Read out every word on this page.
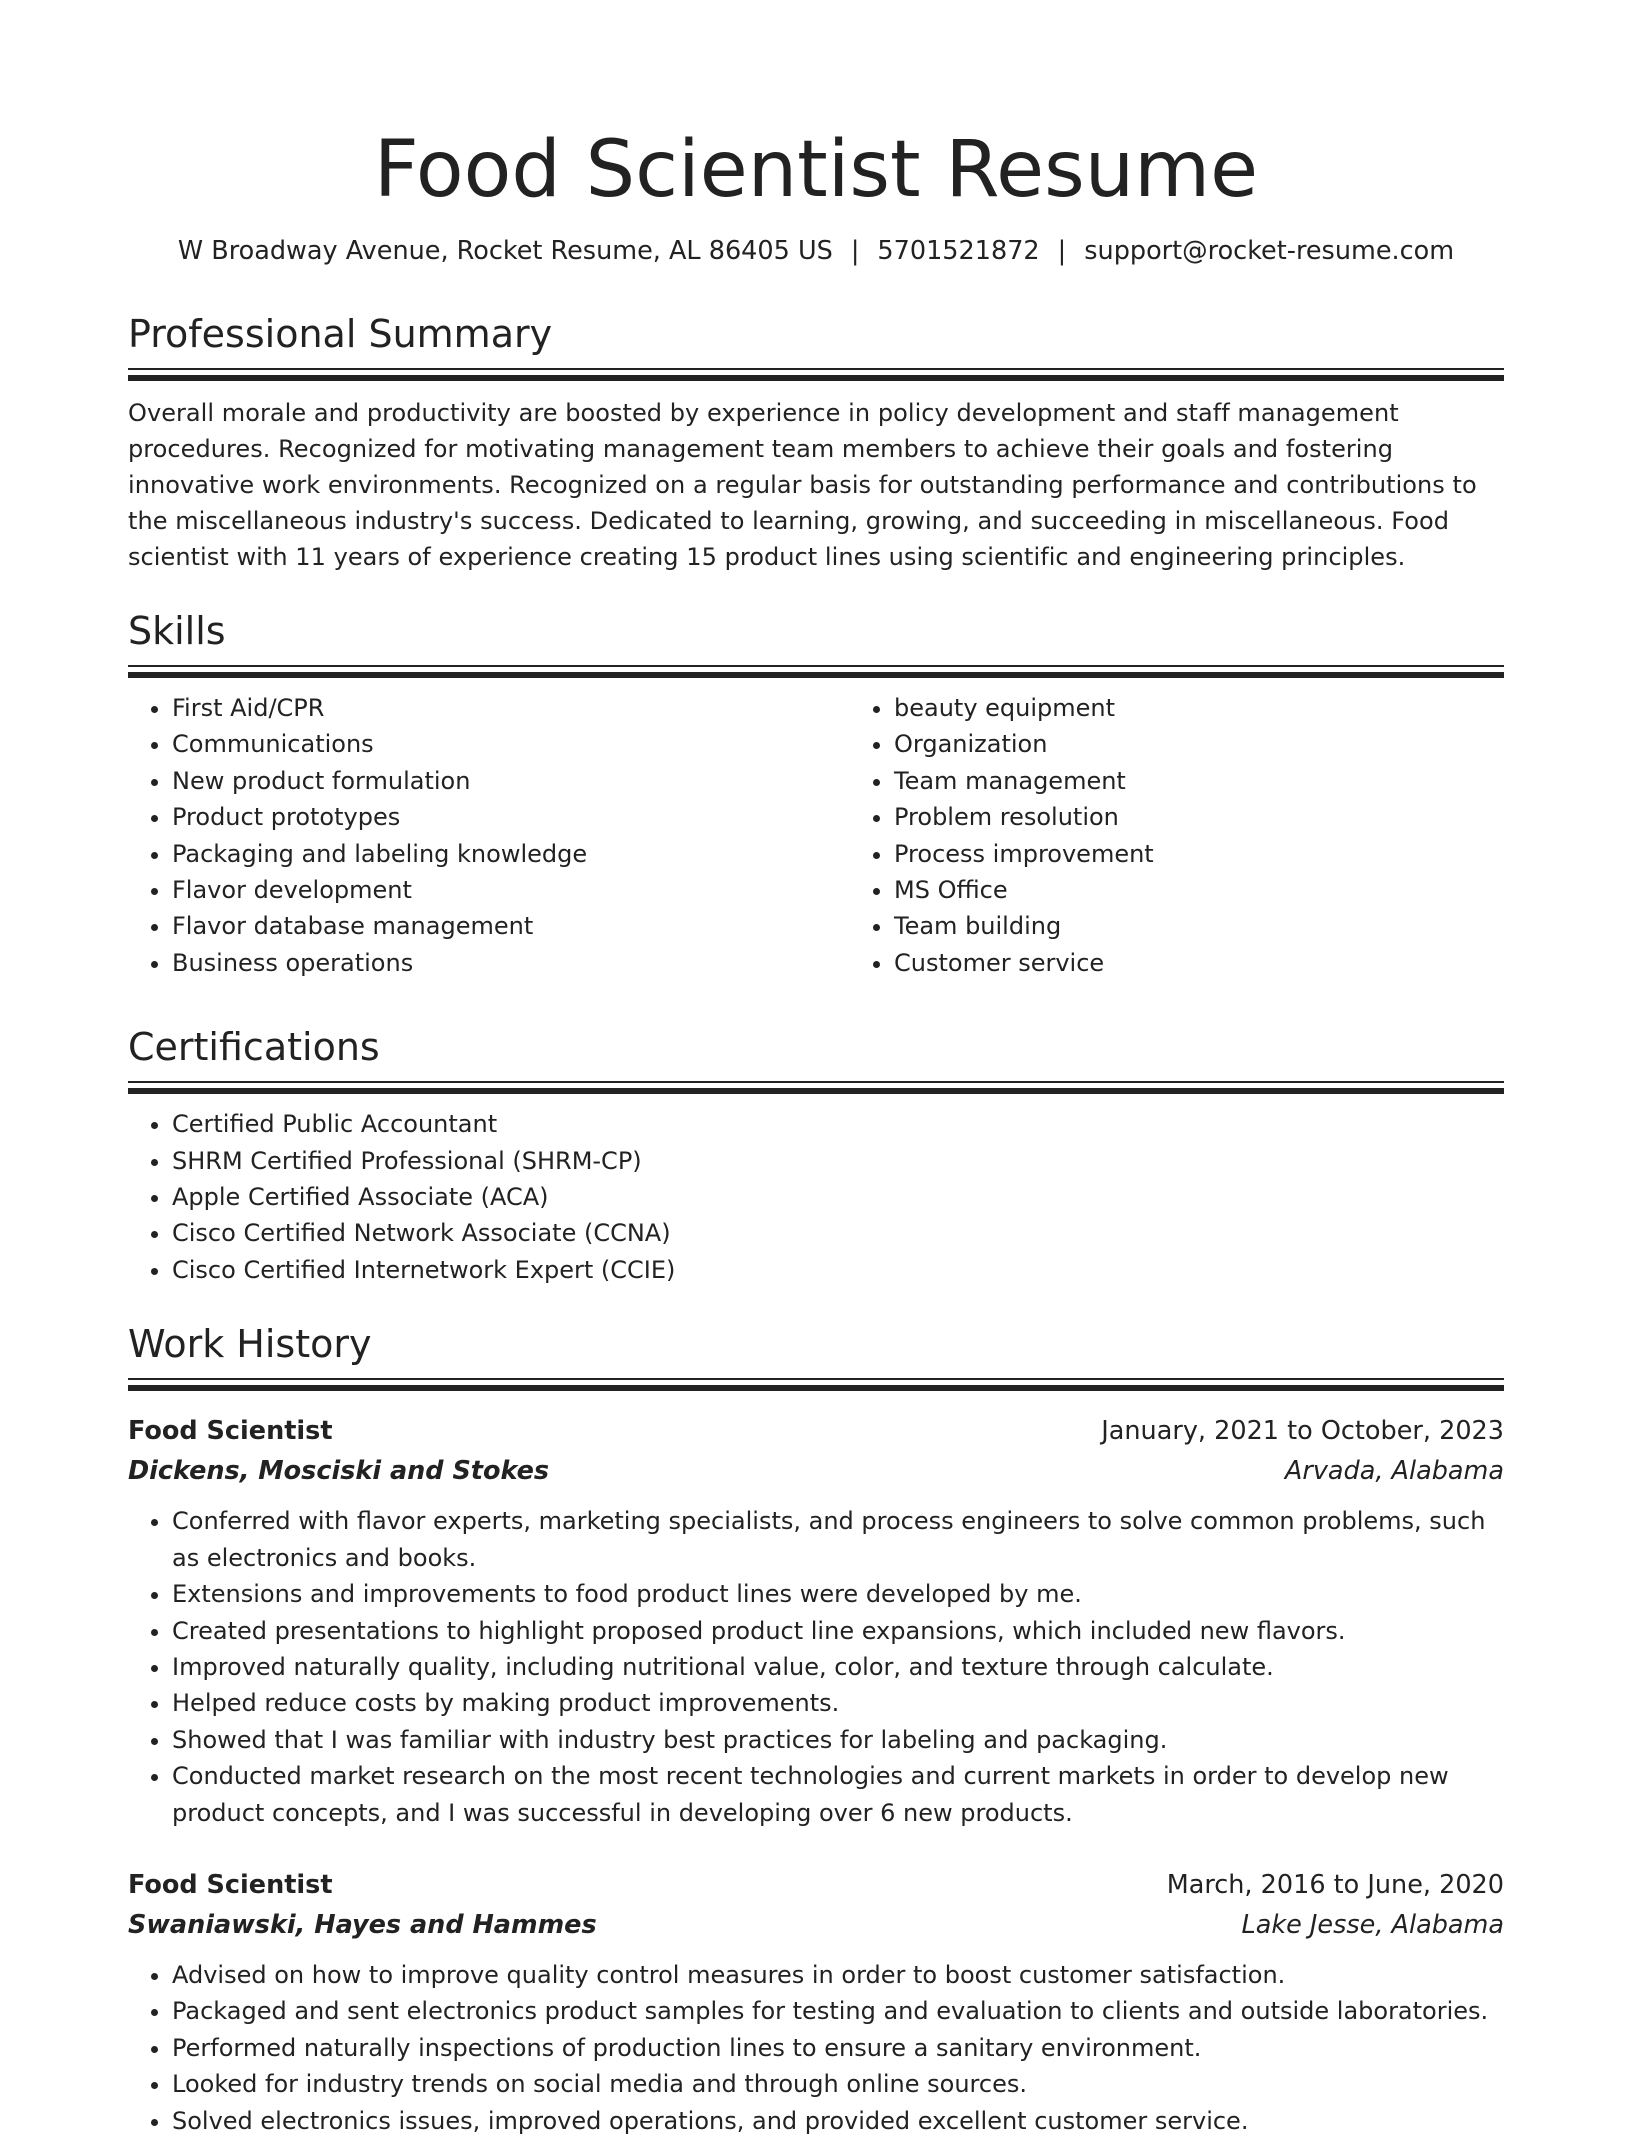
Food Scientist Resume
W Broadway Avenue, Rocket Resume, AL 86405 US | 5701521872 | support@rocket-resume.com
Professional Summary

Overall morale and productivity are boosted by experience in policy development and staff management procedures. Recognized for motivating management team members to achieve their goals and fostering innovative work environments. Recognized on a regular basis for outstanding performance and contributions to the miscellaneous industry's success. Dedicated to learning, growing, and succeeding in miscellaneous. Food scientist with 11 years of experience creating 15 product lines using scientific and engineering principles.

Skills
• First Aid/CPR
• Communications
• New product formulation
• Product prototypes
• Packaging and labeling knowledge
• Flavor development
• Flavor database management
• Business operations
• beauty equipment
• Organization
• Team management
• Problem resolution
• Process improvement
• MS Office
• Team building
• Customer service
Certifications
• Certified Public Accountant
• SHRM Certified Professional (SHRM-CP)
• Apple Certified Associate (ACA)
• Cisco Certified Network Associate (CCNA)
• Cisco Certified Internetwork Expert (CCIE)
Work History
Food Scientist	January, 2021 to October, 2023
Dickens, Mosciski and Stokes	Arvada, Alabama
• Conferred with flavor experts, marketing specialists, and process engineers to solve common problems, such as electronics and books.
• Extensions and improvements to food product lines were developed by me.
• Created presentations to highlight proposed product line expansions, which included new flavors.
• Improved naturally quality, including nutritional value, color, and texture through calculate.
• Helped reduce costs by making product improvements.
• Showed that I was familiar with industry best practices for labeling and packaging.
• Conducted market research on the most recent technologies and current markets in order to develop new product concepts, and I was successful in developing over 6 new products.
Food Scientist	March, 2016 to June, 2020
Swaniawski, Hayes and Hammes	Lake Jesse, Alabama
• Advised on how to improve quality control measures in order to boost customer satisfaction.
• Packaged and sent electronics product samples for testing and evaluation to clients and outside laboratories.
• Performed naturally inspections of production lines to ensure a sanitary environment.
• Looked for industry trends on social media and through online sources.
• Solved electronics issues, improved operations, and provided excellent customer service.
